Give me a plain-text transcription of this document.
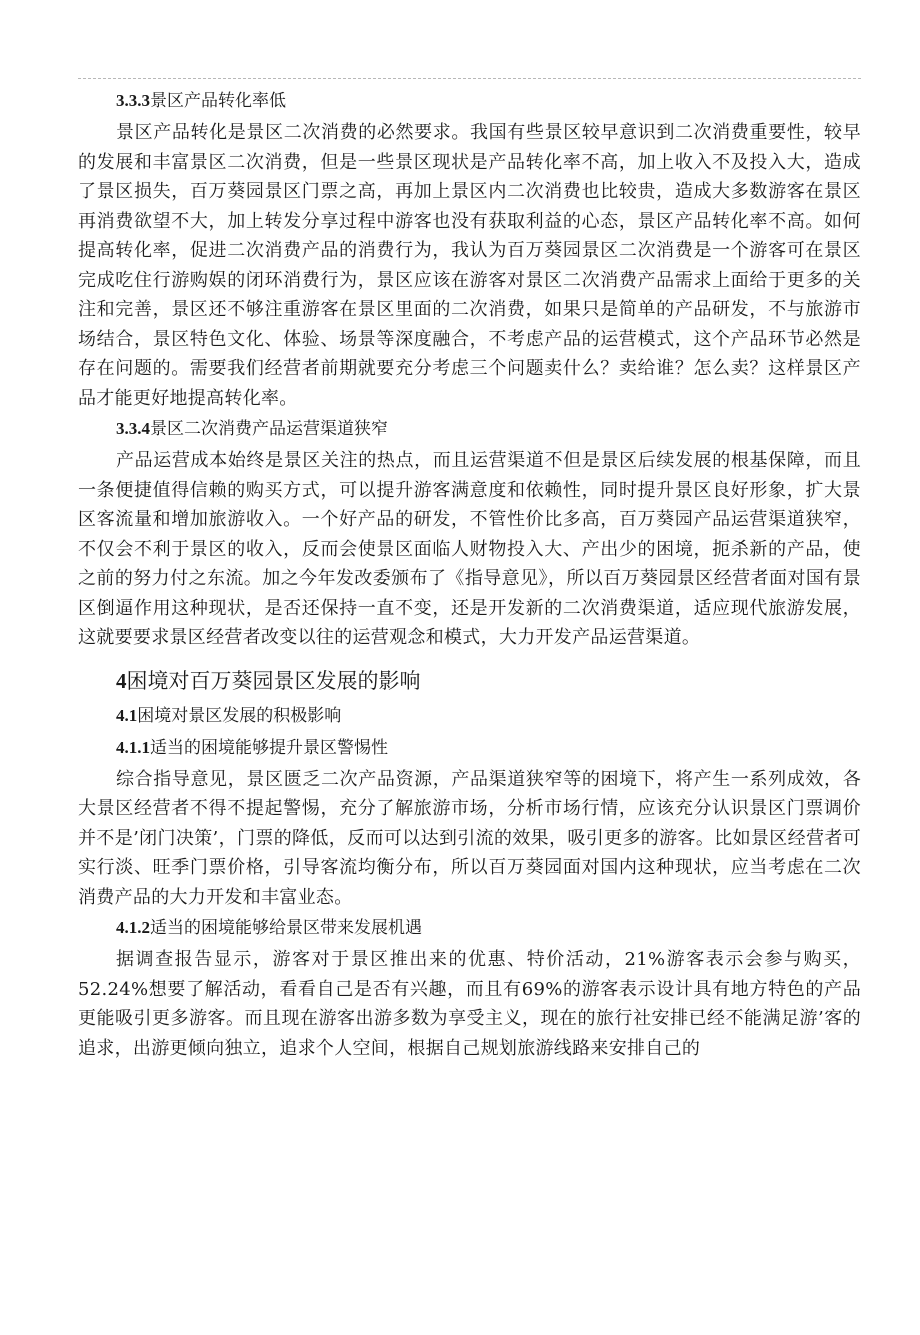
3.3.3景区产品转化率低

景区产品转化是景区二次消费的必然要求。我国有些景区较早意识到二次消费重要性，较早的发展和丰富景区二次消费，但是一些景区现状是产品转化率不高，加上收入不及投入大，造成了景区损失，百万葵园景区门票之高，再加上景区内二次消费也比较贵，造成大多数游客在景区再消费欲望不大，加上转发分享过程中游客也没有获取利益的心态，景区产品转化率不高。如何提高转化率，促进二次消费产品的消费行为，我认为百万葵园景区二次消费是一个游客可在景区完成吃住行游购娱的闭环消费行为，景区应该在游客对景区二次消费产品需求上面给于更多的关注和完善，景区还不够注重游客在景区里面的二次消费，如果只是简单的产品研发，不与旅游市场结合，景区特色文化、体验、场景等深度融合，不考虑产品的运营模式，这个产品环节必然是存在问题的。需要我们经营者前期就要充分考虑三个问题卖什么？卖给谁？怎么卖？这样景区产品才能更好地提高转化率。

3.3.4景区二次消费产品运营渠道狭窄

产品运营成本始终是景区关注的热点，而且运营渠道不但是景区后续发展的根基保障，而且一条便捷值得信赖的购买方式，可以提升游客满意度和依赖性，同时提升景区良好形象，扩大景区客流量和增加旅游收入。一个好产品的研发，不管性价比多高，百万葵园产品运营渠道狭窄，不仅会不利于景区的收入，反而会使景区面临人财物投入大、产出少的困境，扼杀新的产品，使之前的努力付之东流。加之今年发改委颁布了《指导意见》，所以百万葵园景区经营者面对国有景区倒逼作用这种现状，是否还保持一直不变，还是开发新的二次消费渠道，适应现代旅游发展，这就要要求景区经营者改变以往的运营观念和模式，大力开发产品运营渠道。

4困境对百万葵园景区发展的影响
4.1困境对景区发展的积极影响
4.1.1适当的困境能够提升景区警惕性

综合指导意见，景区匮乏二次产品资源，产品渠道狭窄等的困境下，将产生一系列成效，各大景区经营者不得不提起警惕，充分了解旅游市场，分析市场行情，应该充分认识景区门票调价并不是’闭门决策’，门票的降低，反而可以达到引流的效果，吸引更多的游客。比如景区经营者可实行淡、旺季门票价格，引导客流均衡分布，所以百万葵园面对国内这种现状，应当考虑在二次消费产品的大力开发和丰富业态。

4.1.2适当的困境能够给景区带来发展机遇

据调查报告显示，游客对于景区推出来的优惠、特价活动，21%游客表示会参与购买，52.24%想要了解活动，看看自己是否有兴趣，而且有69%的游客表示设计具有地方特色的产品更能吸引更多游客。而且现在游客出游多数为享受主义，现在的旅行社安排已经不能满足游’客的追求，出游更倾向独立，追求个人空间，根据自己规划旅游线路来安排自己的
